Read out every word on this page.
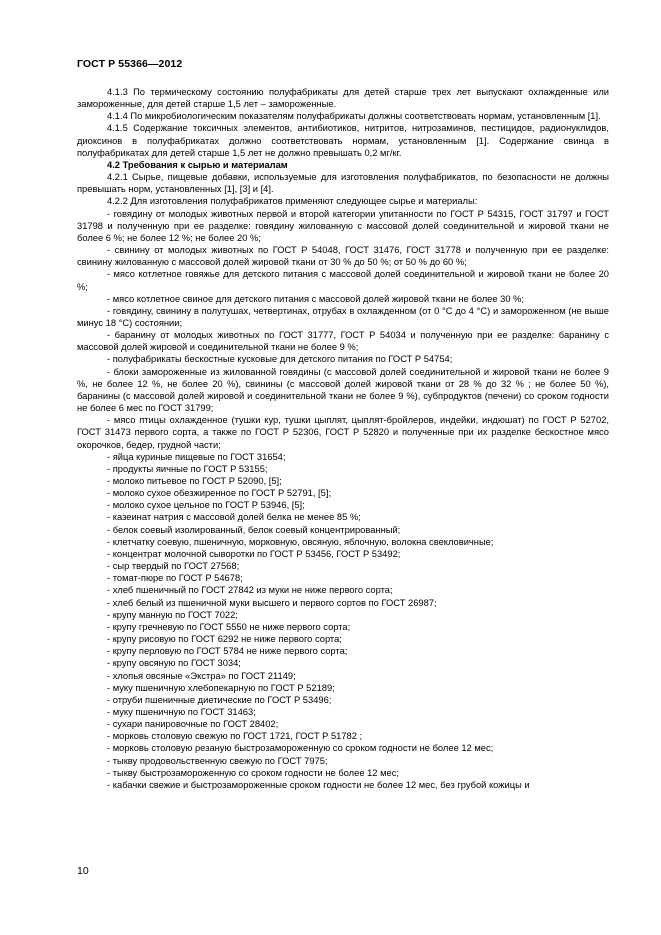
ГОСТ Р 55366—2012

4.1.3 По термическому состоянию полуфабрикаты для детей старше трех лет выпускают охлажденные или замороженные, для детей старше 1,5 лет – замороженные.

4.1.4 По микробиологическим показателям полуфабрикаты должны соответствовать нормам, установленным [1].

4.1.5 Содержание токсичных элементов, антибиотиков, нитритов, нитрозаминов, пестицидов, радионуклидов, диоксинов в полуфабрикатах должно соответствовать нормам, установленным [1]. Содержание свинца в полуфабрикатах для детей старше 1,5 лет не должно превышать 0,2 мг/кг.

4.2 Требования к сырью и материалам

4.2.1 Сырье, пищевые добавки, используемые для изготовления полуфабрикатов, по безопасности не должны превышать норм, установленных [1], [3] и [4].

4.2.2 Для изготовления полуфабрикатов применяют следующее сырье и материалы:

- говядину от молодых животных первой и второй категории упитанности по ГОСТ Р 54315, ГОСТ 31797 и ГОСТ 31798 и полученную при ее разделке: говядину жилованную с массовой долей соединительной и жировой ткани не более 6 %; не более 12 %; не более 20 %;

- свинину от молодых животных по ГОСТ Р 54048, ГОСТ 31476, ГОСТ 31778 и полученную при ее разделке: свинину жилованную с массовой долей жировой ткани от 30 % до 50 %; от 50 % до 60 %;

- мясо котлетное говяжье для детского питания с массовой долей соединительной и жировой ткани не более 20 %;

- мясо котлетное свиное для детского питания с массовой долей жировой ткани не более 30 %;

- говядину, свинину в полутушах, четвертинах, отрубах в охлажденном (от 0 °С до 4 °С) и замороженном (не выше минус 18 °С) состоянии;

- баранину от молодых животных по ГОСТ 31777, ГОСТ Р 54034 и полученную при ее разделке: баранину с массовой долей жировой и соединительной ткани не более 9 %;

- полуфабрикаты бескостные кусковые для детского питания по ГОСТ Р 54754;

- блоки замороженные из жилованной говядины (с массовой долей соединительной и жировой ткани не более 9 %, не более 12 %, не более 20 %), свинины (с массовой долей жировой ткани от 28 % до 32 % ; не более 50 %), баранины (с массовой долей жировой и соединительной ткани не более 9 %), субпродуктов (печени) со сроком годности не более 6 мес по ГОСТ 31799;

- мясо птицы охлажденное (тушки кур, тушки цыплят, цыплят-бройлеров, индейки, индюшат) по ГОСТ Р 52702, ГОСТ 31473 первого сорта, а также по ГОСТ Р 52306, ГОСТ Р 52820 и полученные при их разделке бескостное мясо окорочков, бедер, грудной части;

- яйца куриные пищевые по ГОСТ 31654;

- продукты яичные по ГОСТ Р 53155;

- молоко питьевое по ГОСТ Р 52090, [5];

- молоко сухое обезжиренное по ГОСТ Р 52791, [5];

- молоко сухое цельное по ГОСТ Р 53946, [5];

- казеинат натрия с массовой долей белка не менее 85 %;

- белок соевый изолированный, белок соевый концентрированный;

- клетчатку соевую, пшеничную, морковную, овсяную, яблочную, волокна свекловичные;

- концентрат молочной сыворотки по ГОСТ Р 53456, ГОСТ Р 53492;

- сыр твердый по ГОСТ 27568;

- томат-пюре по ГОСТ Р 54678;

- хлеб пшеничный по ГОСТ 27842 из муки не ниже первого сорта;

- хлеб белый из пшеничной муки высшего и первого сортов по ГОСТ 26987;

- крупу манную по ГОСТ 7022;

- крупу гречневую по ГОСТ 5550 не ниже первого сорта;

- крупу рисовую по ГОСТ 6292 не ниже первого сорта;

- крупу перловую по ГОСТ 5784 не ниже первого сорта;

- крупу овсяную по ГОСТ 3034;

- хлопья овсяные «Экстра» по ГОСТ 21149;

- муку пшеничную хлебопекарную по ГОСТ Р 52189;

- отруби пшеничные диетические по ГОСТ Р 53496;

- муку пшеничную по ГОСТ 31463;

- сухари панировочные по ГОСТ 28402;

- морковь столовую свежую по ГОСТ 1721, ГОСТ Р 51782 ;

- морковь столовую резаную быстрозамороженную со сроком годности не более 12 мес;

- тыкву продовольственную свежую по ГОСТ 7975;

- тыкву быстрозамороженную со сроком годности не более 12 мес;

- кабачки свежие и быстрозамороженные сроком годности не более 12 мес, без грубой кожицы и

10
